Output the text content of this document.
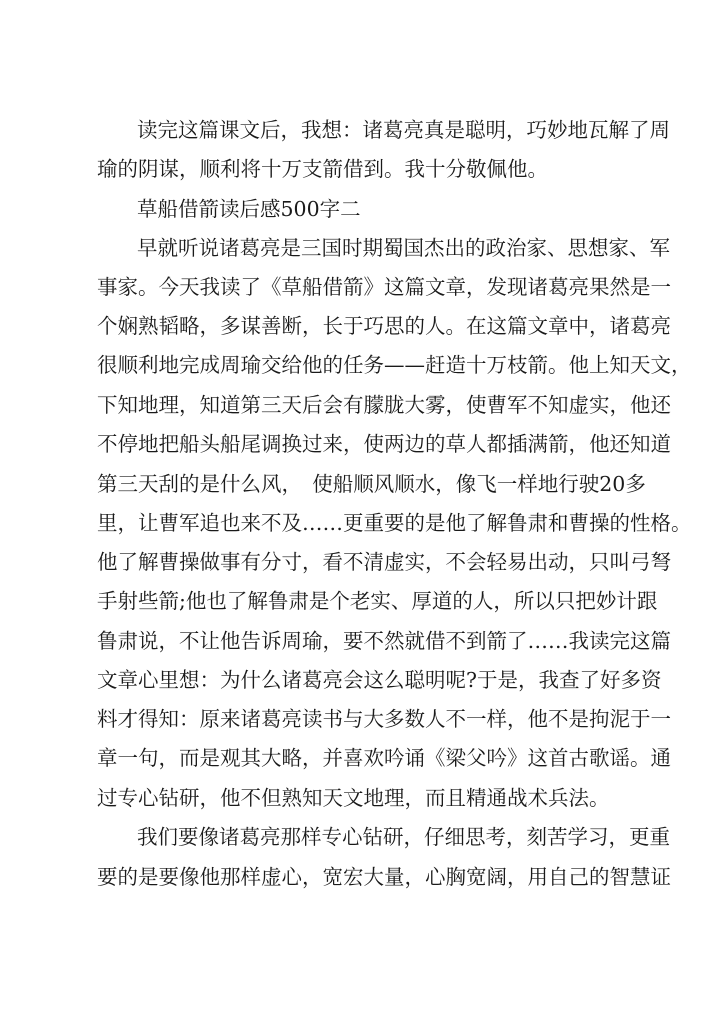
读完这篇课文后，我想：诸葛亮真是聪明，巧妙地瓦解了周
瑜的阴谋，顺利将十万支箭借到。我十分敬佩他。
草船借箭读后感500字二
早就听说诸葛亮是三国时期蜀国杰出的政治家、思想家、军
事家。今天我读了《草船借箭》这篇文章，发现诸葛亮果然是一
个娴熟韬略，多谋善断，长于巧思的人。在这篇文章中，诸葛亮
很顺利地完成周瑜交给他的任务——赶造十万枝箭。他上知天文，
下知地理，知道第三天后会有朦胧大雾，使曹军不知虚实，他还
不停地把船头船尾调换过来，使两边的草人都插满箭，他还知道
第三天刮的是什么风，　使船顺风顺水，像飞一样地行驶20多
里，让曹军追也来不及……更重要的是他了解鲁肃和曹操的性格。
他了解曹操做事有分寸，看不清虚实，不会轻易出动，只叫弓弩
手射些箭;他也了解鲁肃是个老实、厚道的人，所以只把妙计跟
鲁肃说，不让他告诉周瑜，要不然就借不到箭了……我读完这篇
文章心里想：为什么诸葛亮会这么聪明呢?于是，我查了好多资
料才得知：原来诸葛亮读书与大多数人不一样，他不是拘泥于一
章一句，而是观其大略，并喜欢吟诵《梁父吟》这首古歌谣。通
过专心钻研，他不但熟知天文地理，而且精通战术兵法。
我们要像诸葛亮那样专心钻研，仔细思考，刻苦学习，更重
要的是要像他那样虚心，宽宏大量，心胸宽阔，用自己的智慧证
